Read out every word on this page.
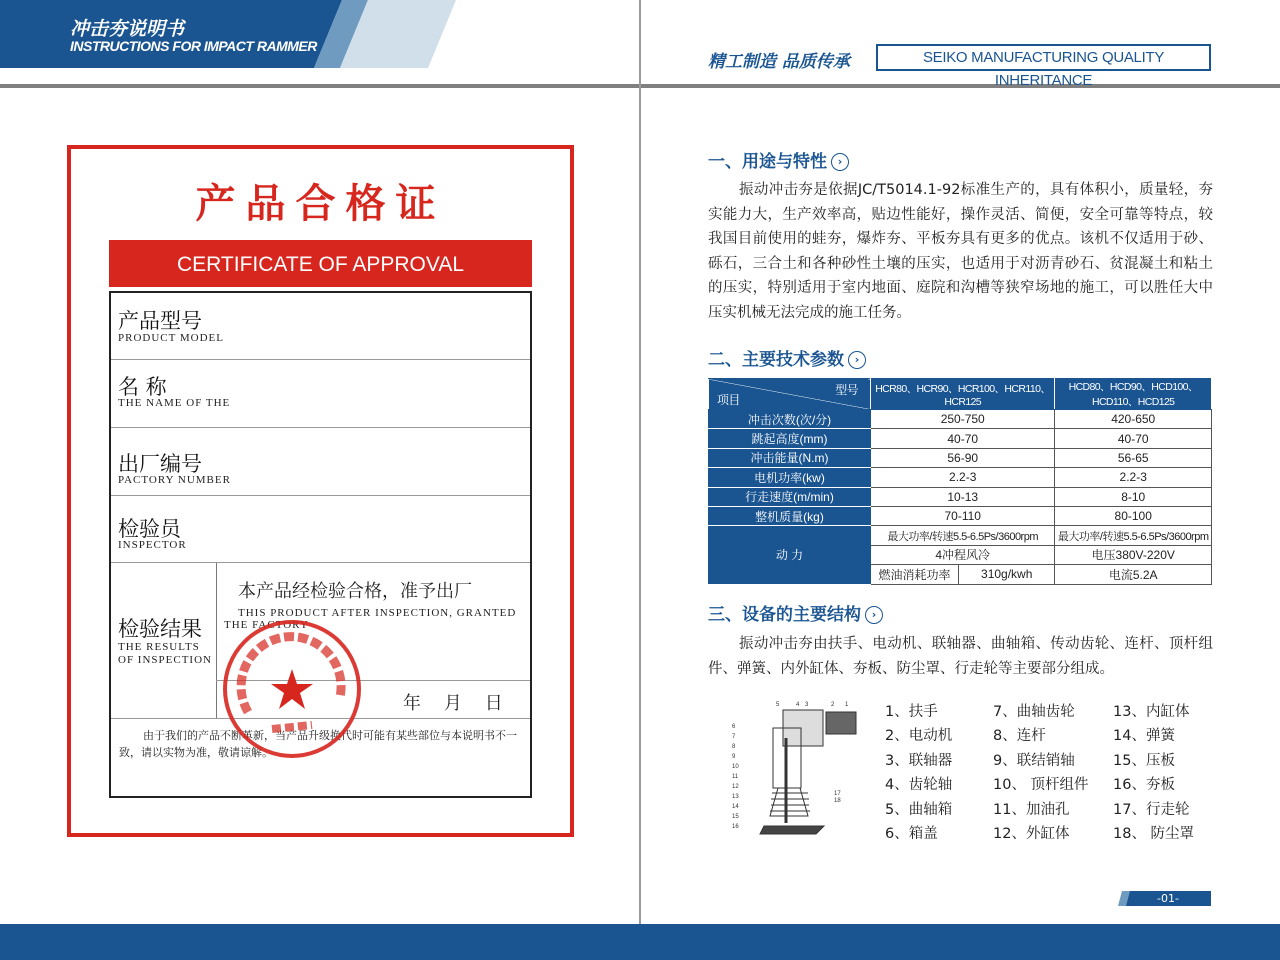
冲击夯说明书
INSTRUCTIONS FOR IMPACT RAMMER
精工制造 品质传承	SEIKO MANUFACTURING QUALITY INHERITANCE
产品合格证
CERTIFICATE OF APPROVAL
产品型号
PRODUCT MODEL
名 称
THE NAME OF THE
出厂编号
PACTORY NUMBER
检验员
INSPECTOR
检验结果
THE RESULTS
OF INSPECTION
本产品经检验合格，准予出厂
THIS PRODUCT AFTER INSPECTION, GRANTED
THE FACTORY
年    月    日
由于我们的产品不断革新，当产品升级换代时可能有某些部位与本说明书不一致，请以实物为准，敬请谅解。
一、用途与特性 ›
振动冲击夯是依据JC/T5014.1-92标准生产的，具有体积小，质量轻，夯实能力大，生产效率高，贴边性能好，操作灵活、简便，安全可靠等特点，较我国目前使用的蛙夯，爆炸夯、平板夯具有更多的优点。该机不仅适用于砂、砾石，三合土和各种砂性土壤的压实，也适用于对沥青砂石、贫混凝土和粘土的压实，特别适用于室内地面、庭院和沟槽等狭窄场地的施工，可以胜任大中压实机械无法完成的施工任务。
二、主要技术参数 ›
项目
型号	HCR80、HCR90、HCR100、HCR110、HCR125		HCD80、HCD90、HCD100、HCD110、HCD125
冲击次数(次/分)	250-750		420-650
跳起高度(mm)	40-70		40-70
冲击能量(N.m)	56-90		56-65
电机功率(kw)	2.2-3		2.2-3
行走速度(m/min)	10-13		8-10
整机质量(kg)	70-110		80-100
动 力	最大功率/转速5.5-6.5Ps/3600rpm		最大功率/转速5.5-6.5Ps/3600rpm
	4冲程风冷		电压380V-220V
	燃油消耗功率	310g/kwh	电流5.2A
三、设备的主要结构 ›
振动冲击夯由扶手、电动机、联轴器、曲轴箱、传动齿轮、连杆、顶杆组件、弹簧、内外缸体、夯板、防尘罩、行走轮等主要部分组成。
5	4 3	2 1
6
7
8
9
10
11
12
13
14
15
16
17
18
1、扶手
2、电动机
3、联轴器
4、齿轮轴
5、曲轴箱
6、箱盖
7、曲轴齿轮
8、连杆
9、联结销轴
10、 顶杆组件
11、加油孔
12、外缸体
13、内缸体
14、弹簧
15、压板
16、夯板
17、行走轮
18、 防尘罩
-01-
